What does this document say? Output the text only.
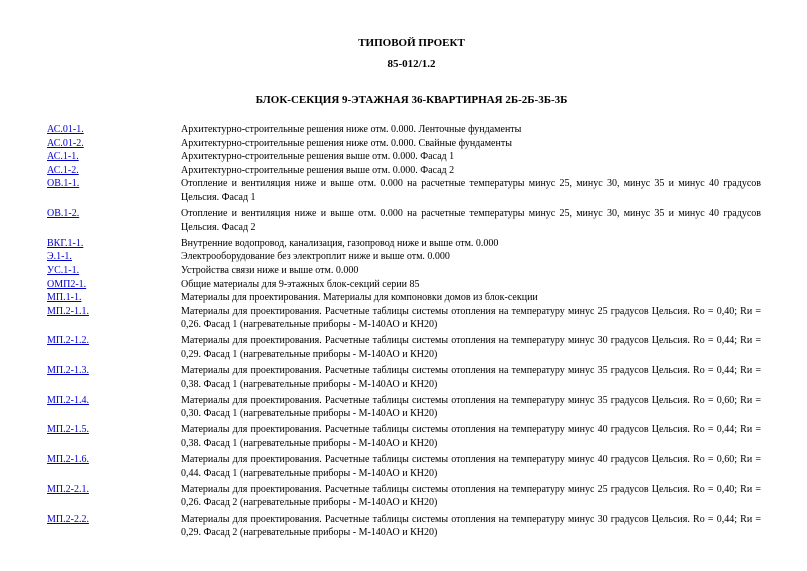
ТИПОВОЙ ПРОЕКТ
85-012/1.2
БЛОК-СЕКЦИЯ 9-ЭТАЖНАЯ 36-КВАРТИРНАЯ 2Б-2Б-3Б-3Б
АС.01-1.	Архитектурно-строительные решения ниже отм. 0.000. Ленточные фундаменты
АС.01-2.	Архитектурно-строительные решения ниже отм. 0.000. Свайные фундаменты
АС.1-1.	Архитектурно-строительные решения выше отм. 0.000. Фасад 1
АС.1-2.	Архитектурно-строительные решения выше отм. 0.000. Фасад 2
ОВ.1-1.	Отопление и вентиляция ниже и выше отм. 0.000 на расчетные температуры минус 25, минус 30, минус 35 и минус 40 градусов Цельсия. Фасад 1
ОВ.1-2.	Отопление и вентиляция ниже и выше отм. 0.000 на расчетные температуры минус 25, минус 30, минус 35 и минус 40 градусов Цельсия. Фасад 2
ВКГ.1-1.	Внутренние водопровод, канализация, газопровод ниже и выше отм. 0.000
Э.1-1.	Электрооборудование без электроплит ниже и выше отм. 0.000
УС.1-1.	Устройства связи ниже и выше отм. 0.000
ОМП2-1.	Общие материалы для 9-этажных блок-секций серии 85
МП.1-1.	Материалы для проектирования. Материалы для компоновки домов из блок-секции
МП.2-1.1.	Материалы для проектирования. Расчетные таблицы системы отопления на температуру минус 25 градусов Цельсия. Ro = 0,40; Rи = 0,26. Фасад 1 (нагревательные приборы - М-140АО и КН20)
МП.2-1.2.	Материалы для проектирования. Расчетные таблицы системы отопления на температуру минус 30 градусов Цельсия. Ro = 0,44; Rи = 0,29. Фасад 1 (нагревательные приборы - М-140АО и КН20)
МП.2-1.3.	Материалы для проектирования. Расчетные таблицы системы отопления на температуру минус 35 градусов Цельсия. Ro = 0,44; Rи = 0,38. Фасад 1 (нагревательные приборы - М-140АО и КН20)
МП.2-1.4.	Материалы для проектирования. Расчетные таблицы системы отопления на температуру минус 35 градусов Цельсия. Ro = 0,60; Rи = 0,30. Фасад 1 (нагревательные приборы - М-140АО и КН20)
МП.2-1.5.	Материалы для проектирования. Расчетные таблицы системы отопления на температуру минус 40 градусов Цельсия. Ro = 0,44; Rи = 0,38. Фасад 1 (нагревательные приборы - М-140АО и КН20)
МП.2-1.6.	Материалы для проектирования. Расчетные таблицы системы отопления на температуру минус 40 градусов Цельсия. Ro = 0,60; Rи = 0,44. Фасад 1 (нагревательные приборы - М-140АО и КН20)
МП.2-2.1.	Материалы для проектирования. Расчетные таблицы системы отопления на температуру минус 25 градусов Цельсия. Ro = 0,40; Rи = 0,26. Фасад 2 (нагревательные приборы - М-140АО и КН20)
МП.2-2.2.	Материалы для проектирования. Расчетные таблицы системы отопления на температуру минус 30 градусов Цельсия. Ro = 0,44; Rи = 0,29. Фасад 2 (нагревательные приборы - М-140АО и КН20)
